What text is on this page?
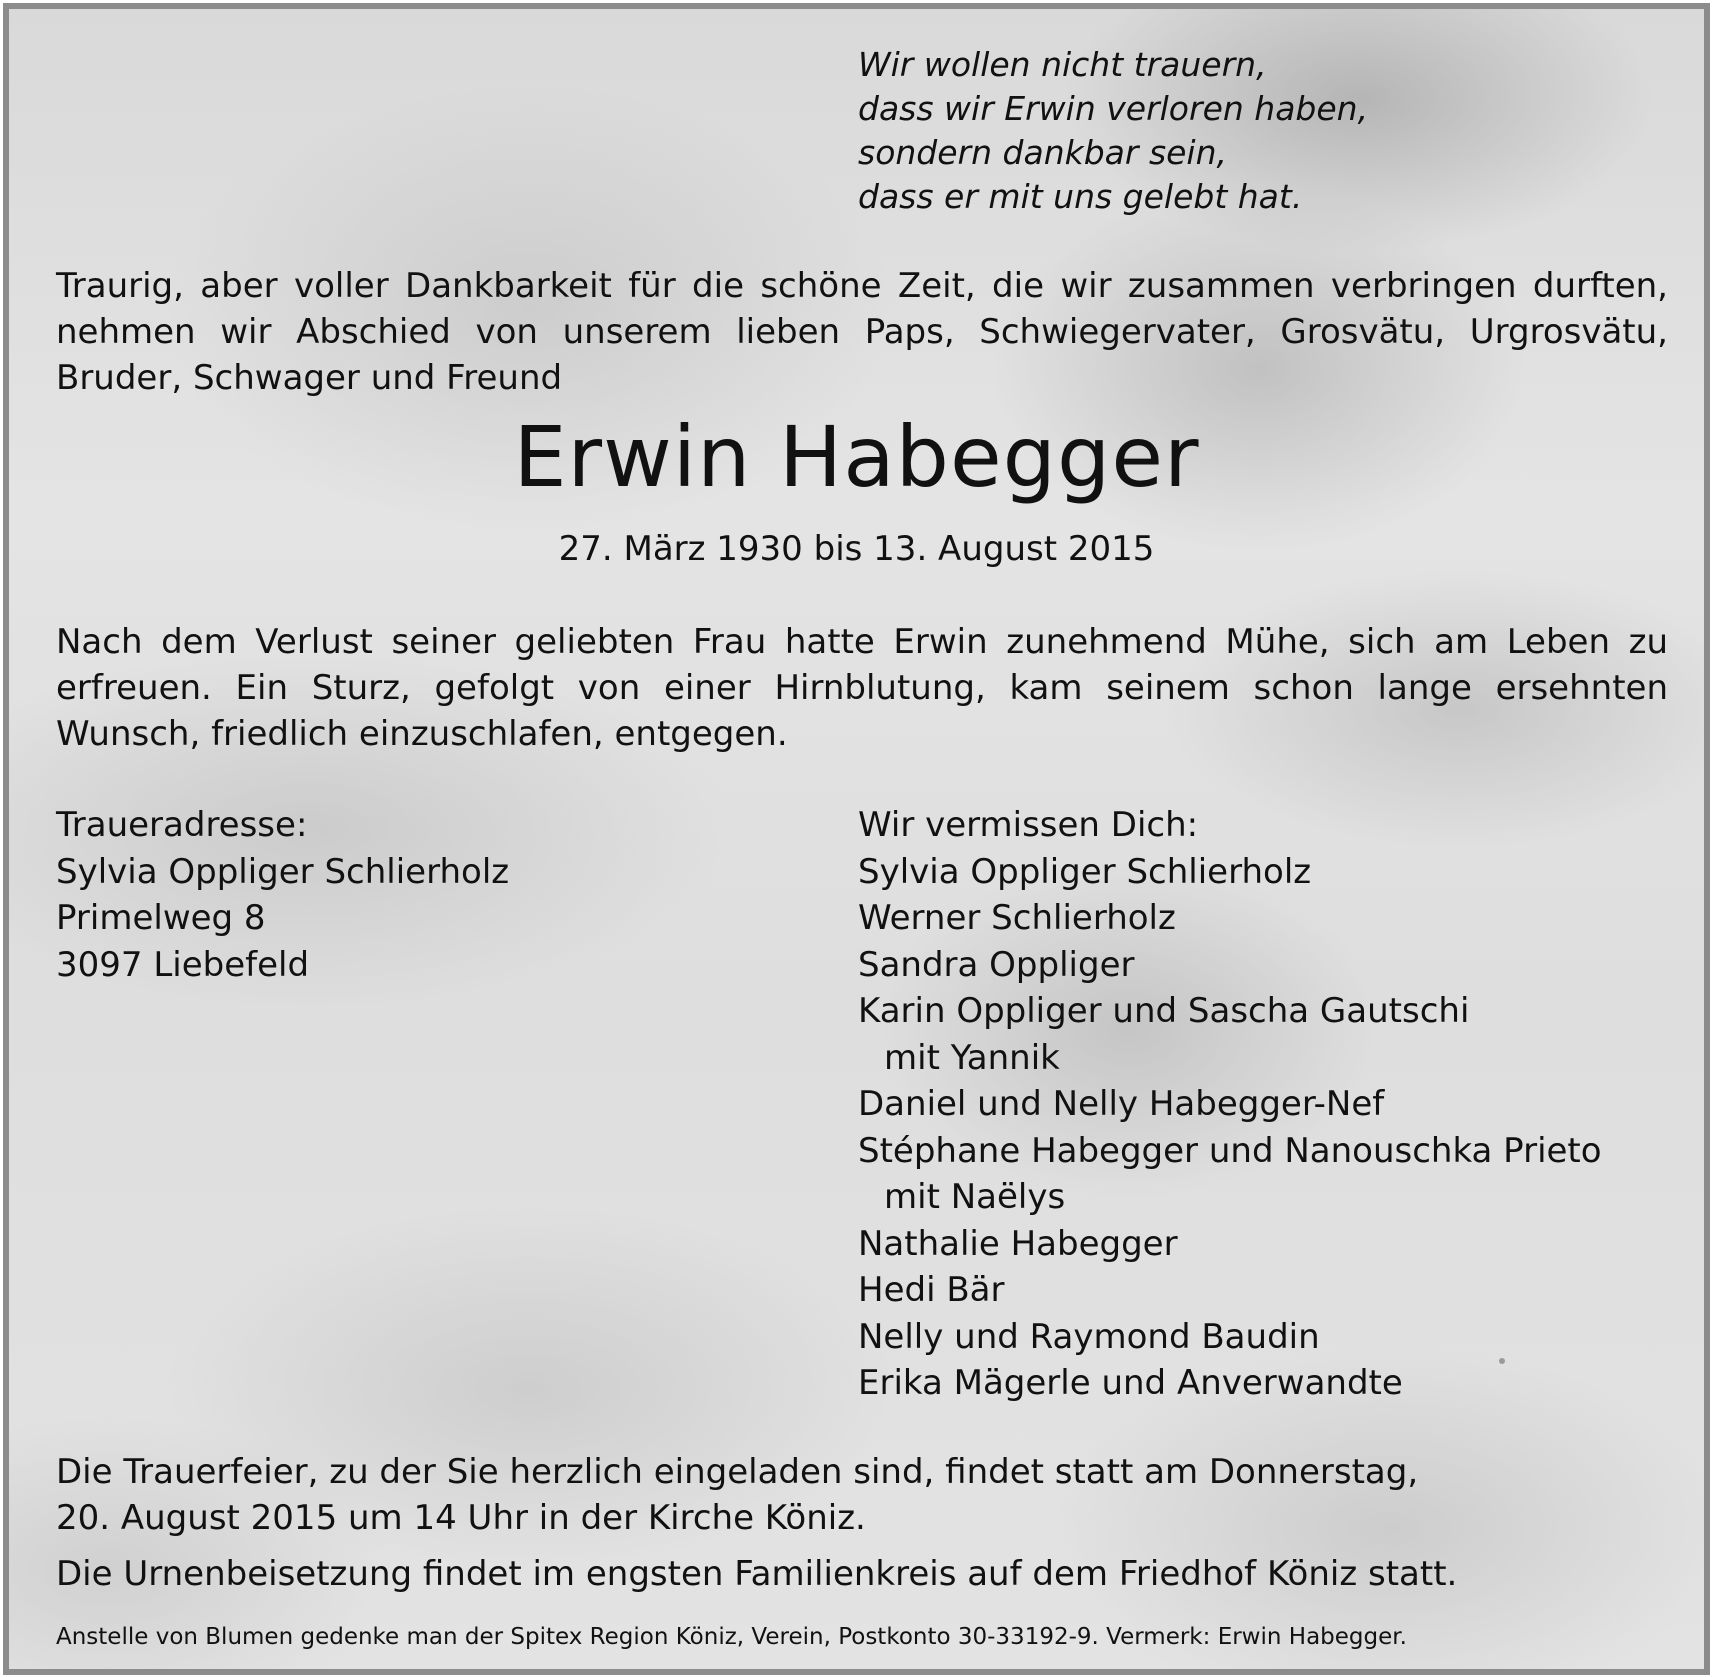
Wir wollen nicht trauern,
dass wir Erwin verloren haben,
sondern dankbar sein,
dass er mit uns gelebt hat.
Traurig, aber voller Dankbarkeit für die schöne Zeit, die wir zusammen verbringen durften, nehmen wir Abschied von unserem lieben Paps, Schwiegervater, Grosvätu, Urgrosvätu, Bruder, Schwager und Freund
Erwin Habegger
27. März 1930 bis 13. August 2015
Nach dem Verlust seiner geliebten Frau hatte Erwin zunehmend Mühe, sich am Leben zu erfreuen. Ein Sturz, gefolgt von einer Hirnblutung, kam seinem schon lange ersehnten Wunsch, friedlich einzuschlafen, entgegen.
Traueradresse:
Sylvia Oppliger Schlierholz
Primelweg 8
3097 Liebefeld
Wir vermissen Dich:
Sylvia Oppliger Schlierholz
Werner Schlierholz
Sandra Oppliger
Karin Oppliger und Sascha Gautschi
mit Yannik
Daniel und Nelly Habegger-Nef
Stéphane Habegger und Nanouschka Prieto
mit Naëlys
Nathalie Habegger
Hedi Bär
Nelly und Raymond Baudin
Erika Mägerle und Anverwandte
Die Trauerfeier, zu der Sie herzlich eingeladen sind, findet statt am Donnerstag,
20. August 2015 um 14 Uhr in der Kirche Köniz.
Die Urnenbeisetzung findet im engsten Familienkreis auf dem Friedhof Köniz statt.
Anstelle von Blumen gedenke man der Spitex Region Köniz, Verein, Postkonto 30-33192-9. Vermerk: Erwin Habegger.
